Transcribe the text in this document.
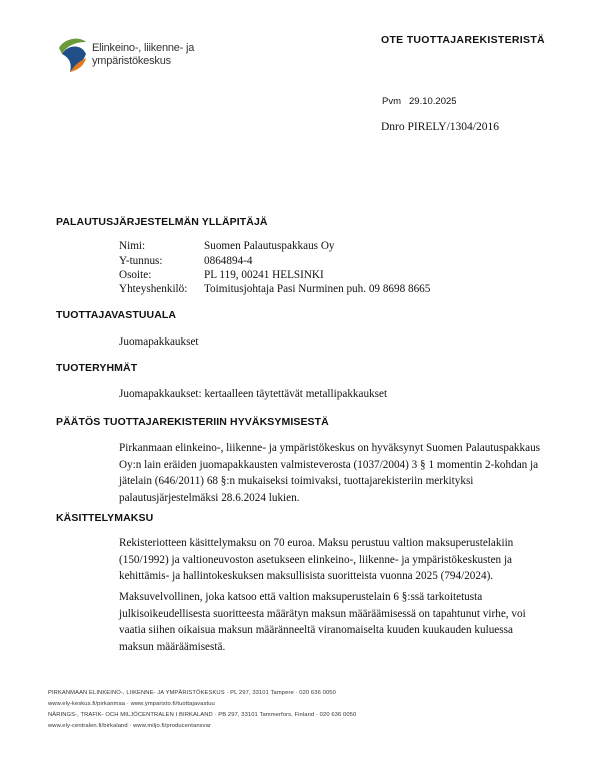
Elinkeino-, liikenne- ja
ympäristökeskus
OTE TUOTTAJAREKISTERISTÄ
Pvm 29.10.2025
Dnro PIRELY/1304/2016
PALAUTUSJÄRJESTELMÄN YLLÄPITÄJÄ
Nimi:	Suomen Palautuspakkaus Oy
Y-tunnus:	0864894-4
Osoite:	PL 119, 00241 HELSINKI
Yhteyshenkilö: Toimitusjohtaja Pasi Nurminen puh. 09 8698 8665
TUOTTAJAVASTUUALA
Juomapakkaukset
TUOTERYHMÄT
Juomapakkaukset: kertaalleen täytettävät metallipakkaukset
PÄÄTÖS TUOTTAJAREKISTERIIN HYVÄKSYMISESTÄ
Pirkanmaan elinkeino-, liikenne- ja ympäristökeskus on hyväksynyt Suomen Palautuspakkaus
Oy:n lain eräiden juomapakkausten valmisteverosta (1037/2004) 3 § 1 momentin 2-kohdan ja
jätelain (646/2011) 68 §:n mukaiseksi toimivaksi, tuottajarekisteriin merkityksi
palautusjärjestelmäksi 28.6.2024 lukien.
KÄSITTELYMAKSU
Rekisteriotteen käsittelymaksu on 70 euroa. Maksu perustuu valtion maksuperustelakiin
(150/1992) ja valtioneuvoston asetukseen elinkeino-, liikenne- ja ympäristökeskusten ja
kehittämis- ja hallintokeskuksen maksullisista suoritteista vuonna 2025 (794/2024).
Maksuvelvollinen, joka katsoo että valtion maksuperustelain 6 §:ssä tarkoitetusta
julkisoikeudellisesta suoritteesta määrätyn maksun määräämisessä on tapahtunut virhe, voi
vaatia siihen oikaisua maksun määränneeltä viranomaiselta kuuden kuukauden kuluessa
maksun määräämisestä.
PIRKANMAAN ELINKEINO-, LIIKENNE- JA YMPÄRISTÖKESKUS · PL 297, 33101 Tampere · 020 636 0050
www.ely-keskus.fi/pirkanmaa · www.ymparisto.fi/tuottajavastuu
NÄRINGS-, TRAFIK- OCH MILJÖCENTRALEN I BIRKALAND · PB 297, 33101 Tammerfors, Finland · 020 636 0050
www.ely-centralen.fi/birkaland · www.miljo.fi/producentansvar
